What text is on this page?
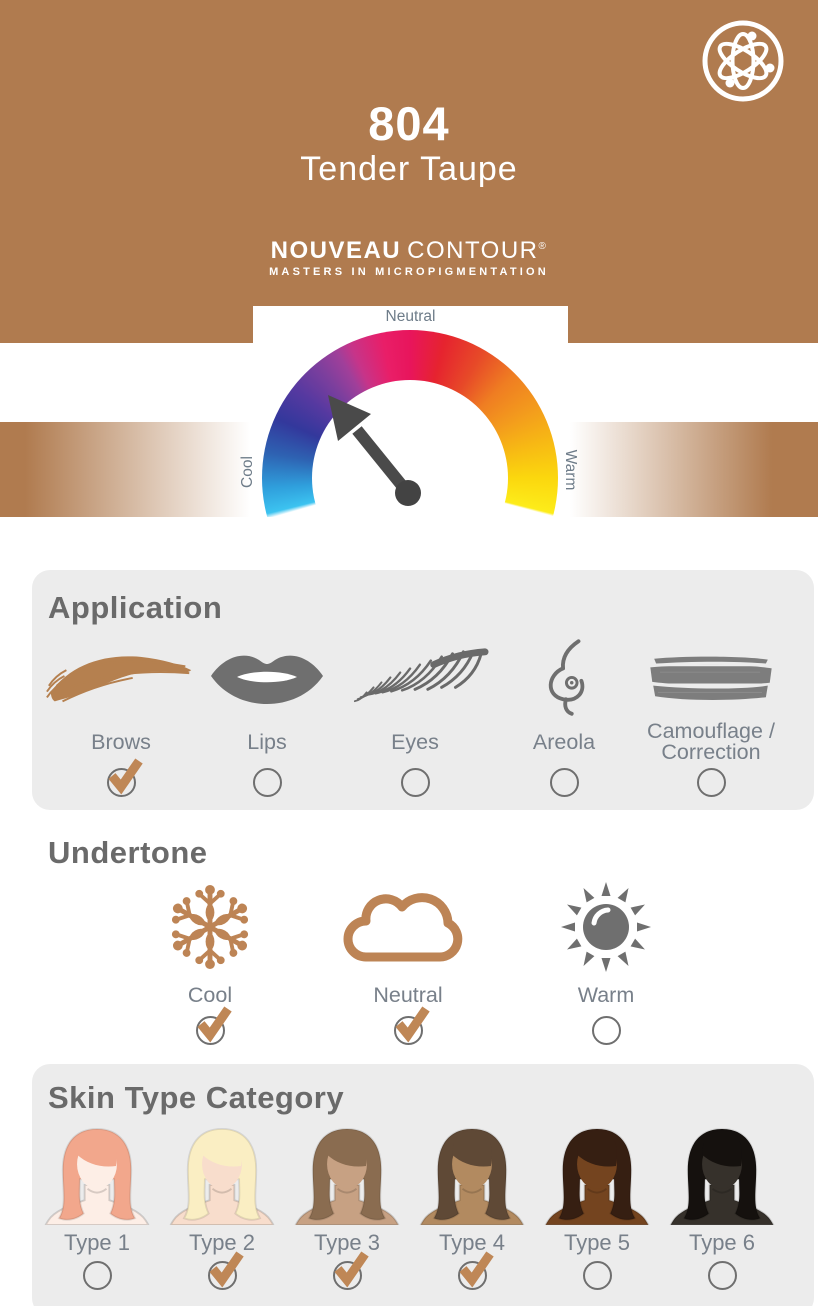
804
Tender Taupe
NOUVEAU CONTOUR®
MASTERS IN MICROPIGMENTATION
Neutral
Cool	Warm
Application
Brows	Lips	Eyes	Areola Camouflage /
Correction
Undertone
Cool	Neutral	Warm
Skin Type Category
Type 1	Type 2	Type 3	Type 4	Type 5	Type 6
